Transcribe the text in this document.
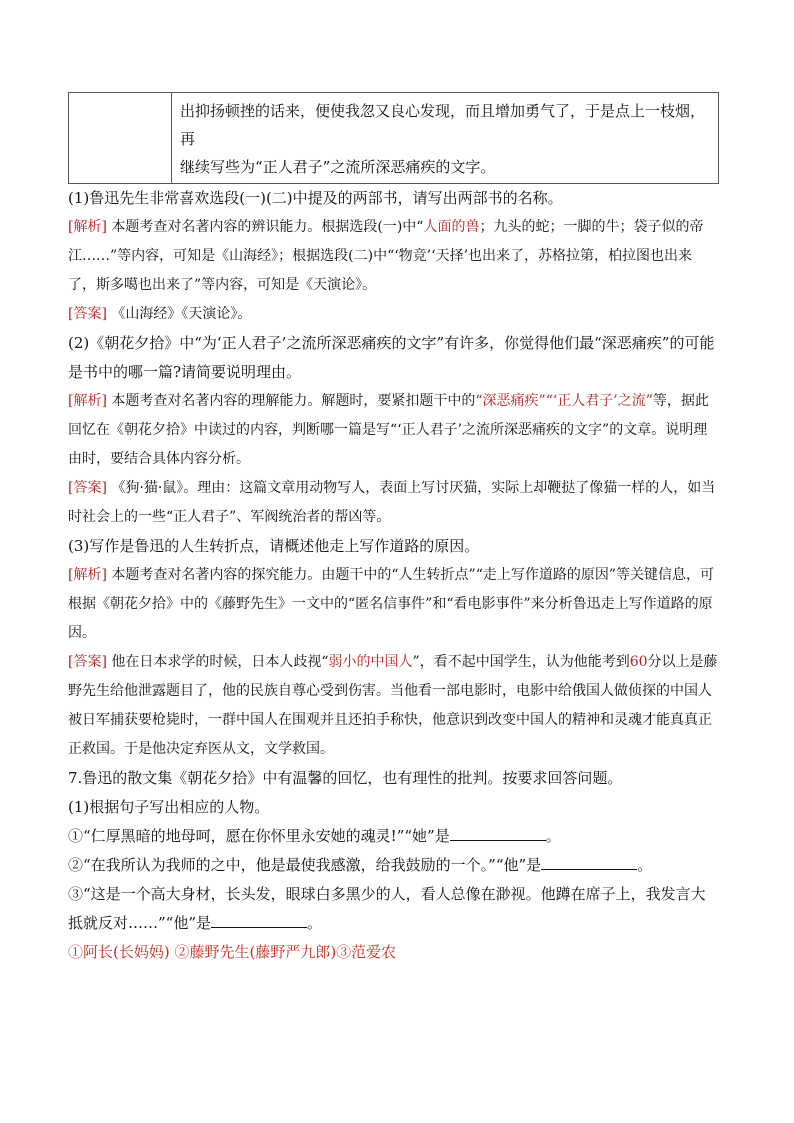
出抑扬顿挫的话来，便使我忽又良心发现，而且增加勇气了，于是点上一枝烟，再

继续写些为“正人君子”之流所深恶痛疾的文字。

(1)鲁迅先生非常喜欢选段(一)(二)中提及的两部书，请写出两部书的名称。

[解析] 本题考查对名著内容的辨识能力。根据选段(一)中“人面的兽；九头的蛇；一脚的牛；袋子似的帝江……”等内容，可知是《山海经》；根据选段(二)中“‘物竞’‘天择’也出来了，苏格拉第，柏拉图也出来了，斯多噶也出来了”等内容，可知是《天演论》。

[答案] 《山海经》《天演论》。

(2)《朝花夕拾》中“为‘正人君子’之流所深恶痛疾的文字”有许多，你觉得他们最“深恶痛疾”的可能是书中的哪一篇?请简要说明理由。

[解析] 本题考查对名著内容的理解能力。解题时，要紧扣题干中的“深恶痛疾”“‘正人君子’之流”等，据此回忆在《朝花夕拾》中读过的内容，判断哪一篇是写“‘正人君子’之流所深恶痛疾的文字”的文章。说明理由时，要结合具体内容分析。

[答案] 《狗·猫·鼠》。理由：这篇文章用动物写人，表面上写讨厌猫，实际上却鞭挞了像猫一样的人，如当时社会上的一些“正人君子”、军阀统治者的帮凶等。

(3)写作是鲁迅的人生转折点，请概述他走上写作道路的原因。

[解析] 本题考查对名著内容的探究能力。由题干中的“人生转折点”“走上写作道路的原因”等关键信息，可根据《朝花夕拾》中的《藤野先生》一文中的“匿名信事件”和“看电影事件”来分析鲁迅走上写作道路的原因。

[答案] 他在日本求学的时候，日本人歧视“弱小的中国人”，看不起中国学生，认为他能考到60分以上是藤野先生给他泄露题目了，他的民族自尊心受到伤害。当他看一部电影时，电影中给俄国人做侦探的中国人被日军捕获要枪毙时，一群中国人在围观并且还拍手称快，他意识到改变中国人的精神和灵魂才能真真正正救国。于是他决定弃医从文，文学救国。

7.鲁迅的散文集《朝花夕拾》中有温馨的回忆，也有理性的批判。按要求回答问题。

(1)根据句子写出相应的人物。

①“仁厚黑暗的地母呵，愿在你怀里永安她的魂灵!”“她”是	。

②“在我所认为我师的之中，他是最使我感激，给我鼓励的一个。”“他”是	。

③“这是一个高大身材，长头发，眼球白多黑少的人，看人总像在渺视。他蹲在席子上，我发言大抵就反对……”“他”是	。

①阿长(长妈妈) ②藤野先生(藤野严九郎)③范爱农
